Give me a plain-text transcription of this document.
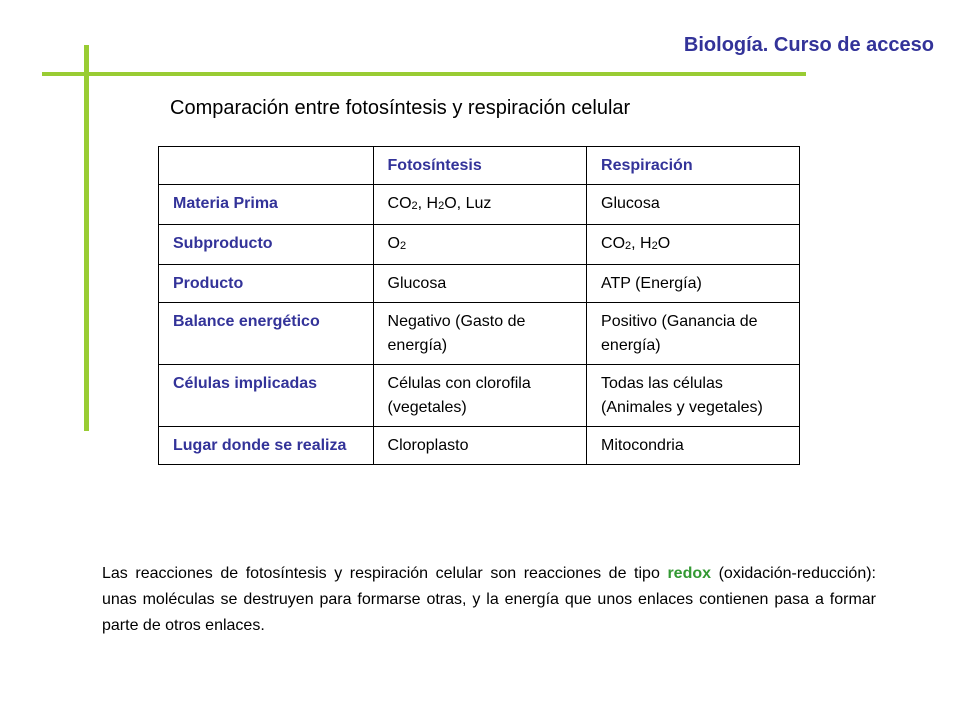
Biología. Curso de acceso
Comparación entre fotosíntesis y respiración celular
	Fotosíntesis	Respiración
Materia Prima	$CO_2$, $H_2O$, Luz	Glucosa
Subproducto	$O_2$	$CO_2$, $H_2O$
Producto	Glucosa	ATP (Energía)
Balance energético	Negativo (Gasto de energía)	Positivo (Ganancia de energía)
Células implicadas	Células con clorofila (vegetales)	Todas las células (Animales y vegetales)
Lugar donde se realiza	Cloroplasto	Mitocondria
Las reacciones de fotosíntesis y respiración celular son reacciones de tipo redox (oxidación-reducción): unas moléculas se destruyen para formarse otras, y la energía que unos enlaces contienen pasa a formar parte de otros enlaces.
